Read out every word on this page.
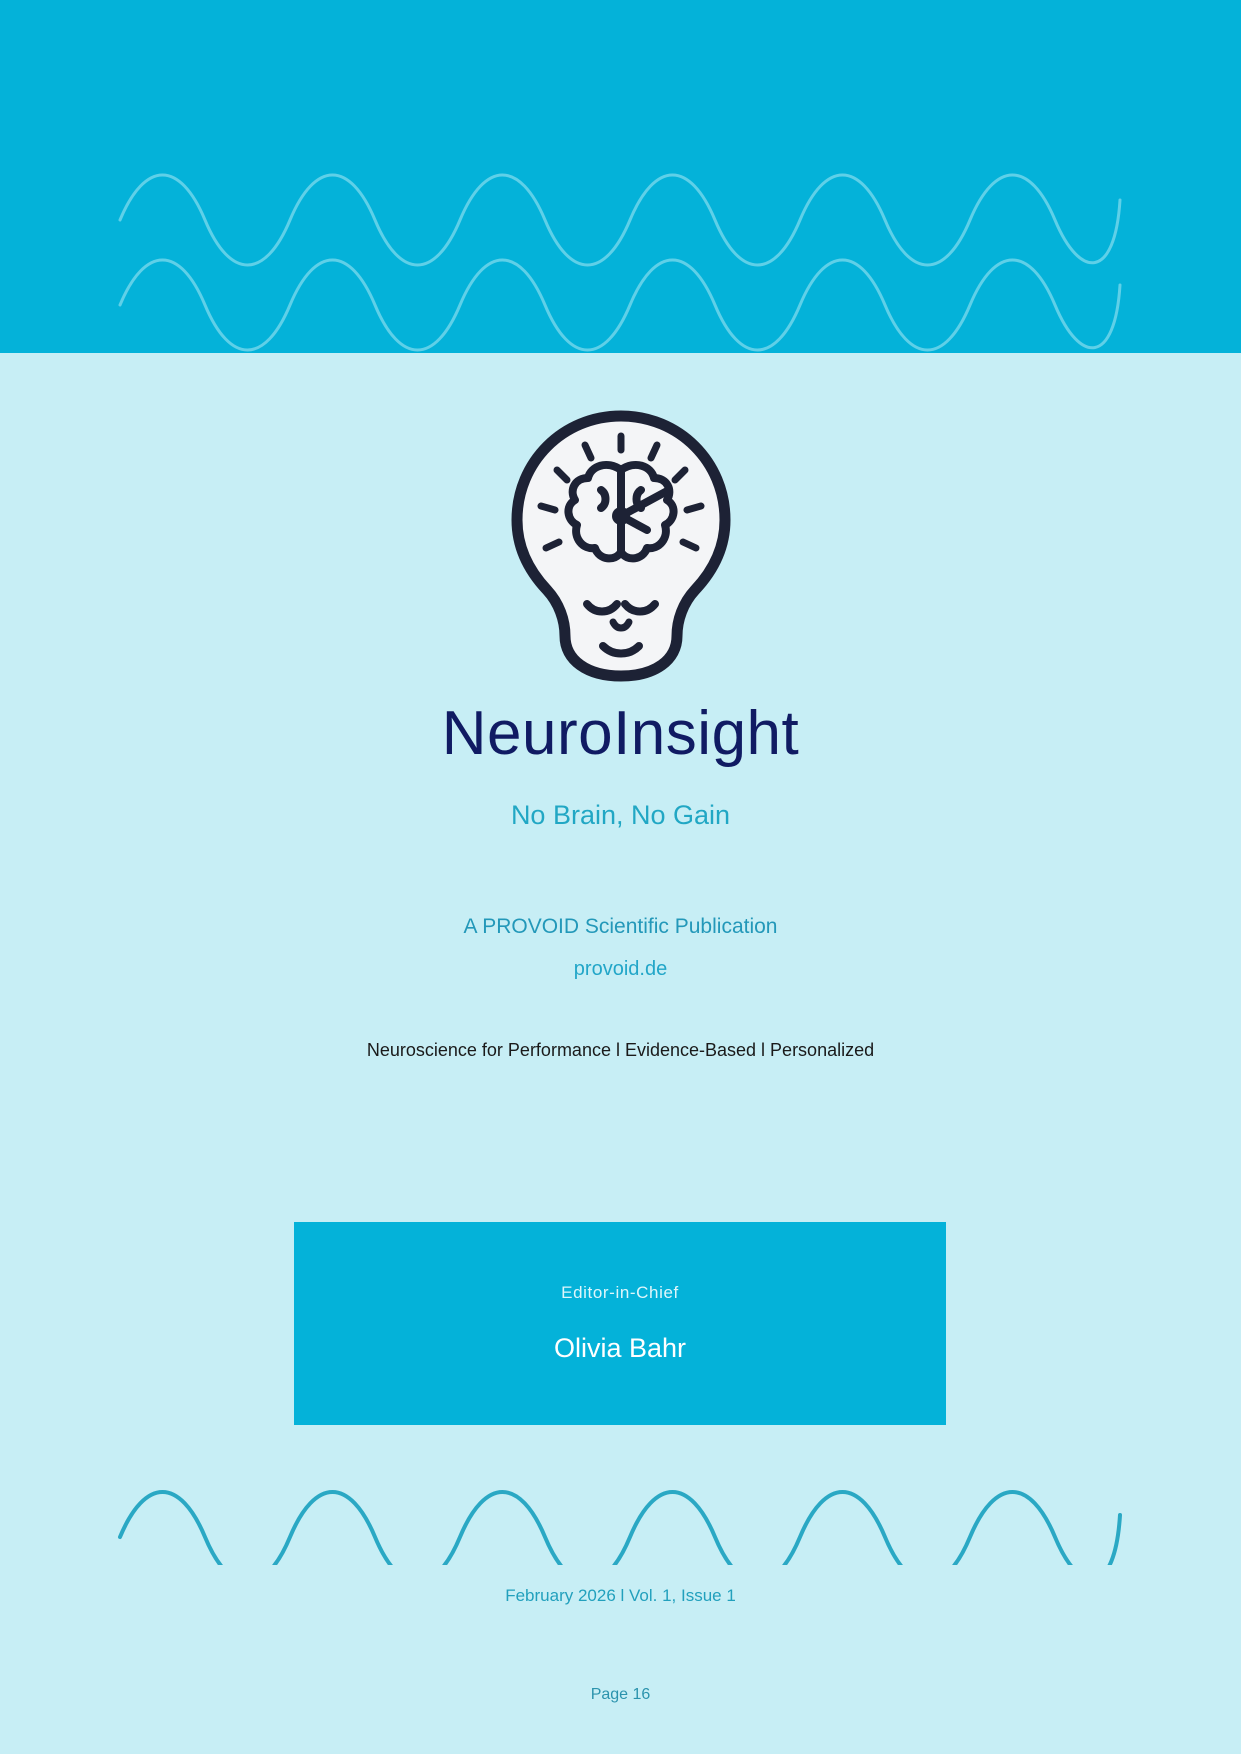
NeuroInsight
No Brain, No Gain
A PROVOID Scientific Publication
provoid.de
Neuroscience for Performance l Evidence-Based l Personalized
Editor-in-Chief
Olivia Bahr
February 2026 l Vol. 1, Issue 1
Page 16
